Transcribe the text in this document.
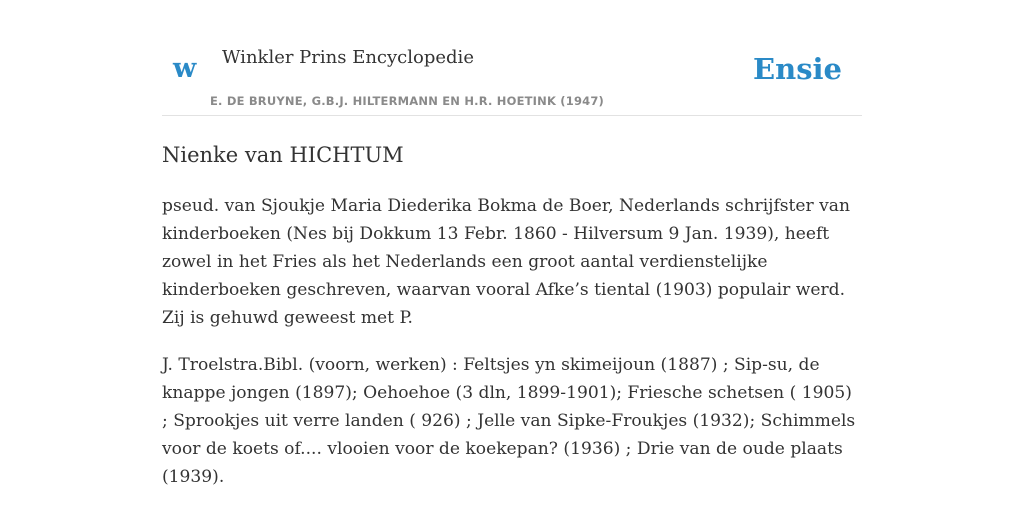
w Winkler Prins Encyclopedie
E. DE BRUYNE, G.B.J. HILTERMANN EN H.R. HOETINK (1947)
Ensie
Nienke van HICHTUM

pseud. van Sjoukje Maria Diederika Bokma de Boer, Nederlands schrijfster van kinderboeken (Nes bij Dokkum 13 Febr. 1860 - Hilversum 9 Jan. 1939), heeft zowel in het Fries als het Nederlands een groot aantal verdienstelijke kinderboeken geschreven, waarvan vooral Afke’s tiental (1903) populair werd. Zij is gehuwd geweest met P.

J. Troelstra.Bibl. (voorn, werken) : Feltsjes yn skimeijoun (1887) ; Sip-su, de knappe jongen (1897); Oehoehoe (3 dln, 1899-1901); Friesche schetsen ( 1905) ; Sprookjes uit verre landen ( 926) ; Jelle van Sipke-Froukjes (1932); Schimmels voor de koets of.... vlooien voor de koekepan? (1936) ; Drie van de oude plaats (1939).
